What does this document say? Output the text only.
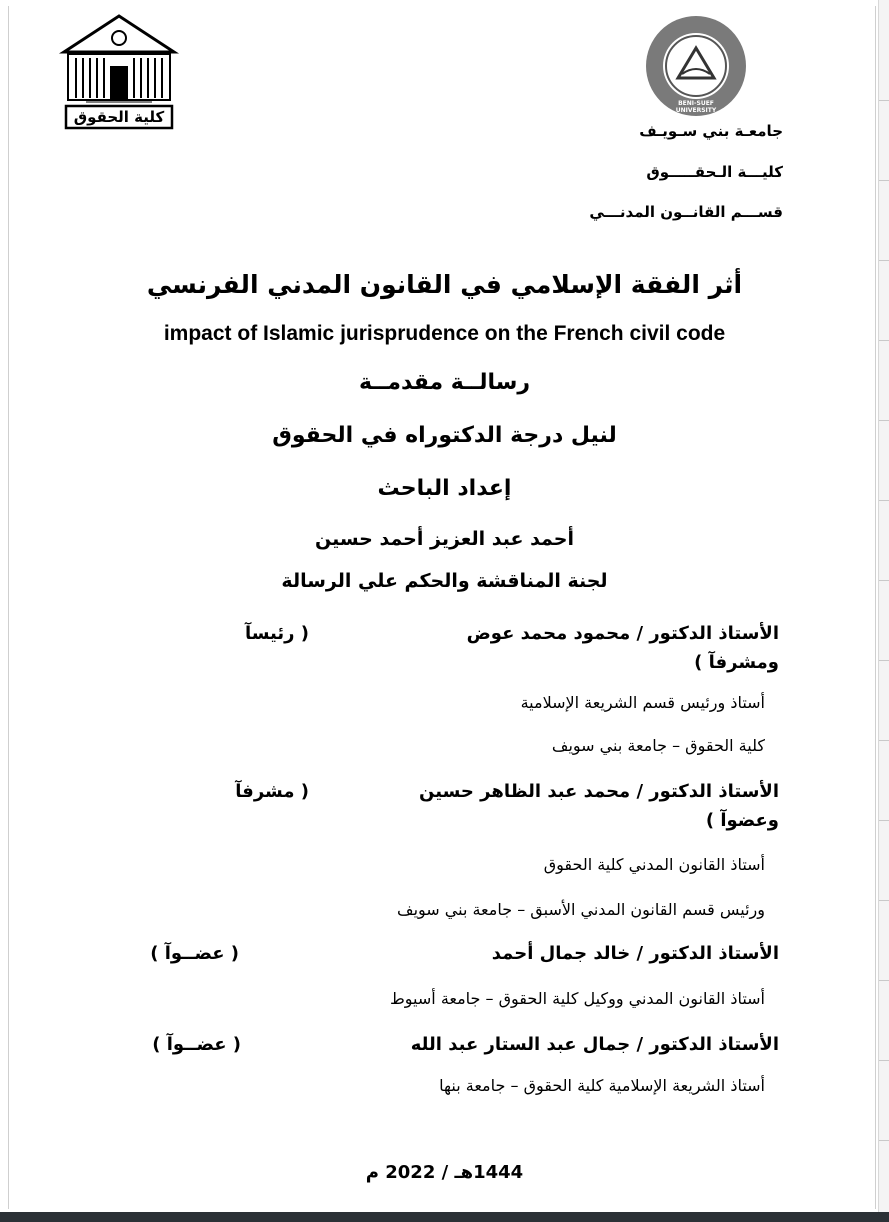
كلية الحقوق
BENI-SUEF UNIVERSITY
جامعـة بني سـويـف
كليـــة الـحقـــــوق
قســـم القانــون المدنـــي
أثر الفقة الإسلامي في القانون المدني الفرنسي
impact of Islamic jurisprudence on the French civil code
رسالــة مقدمــة
لنيل درجة الدكتوراه في الحقوق
إعداد الباحث
أحمد عبد العزيز أحمد حسين
لجنة المناقشة والحكم علي الرسالة
الأستاذ الدكتور / محمود محمد عوض
( رئيسآ
ومشرفآ )
أستاذ ورئيس قسم الشريعة الإسلامية
كلية الحقوق – جامعة بني سويف
الأستاذ الدكتور / محمد عبد الظاهر حسين
( مشرفآ
وعضوآ )
أستاذ القانون المدني كلية الحقوق
ورئيس قسم القانون المدني الأسبق – جامعة بني سويف
الأستاذ الدكتور / خالد جمال أحمد
( عضــوآ )
أستاذ القانون المدني ووكيل كلية الحقوق – جامعة أسيوط
الأستاذ الدكتور / جمال عبد الستار عبد الله
( عضــوآ )
أستاذ الشريعة الإسلامية كلية الحقوق – جامعة بنها
1444هـ / 2022 م
